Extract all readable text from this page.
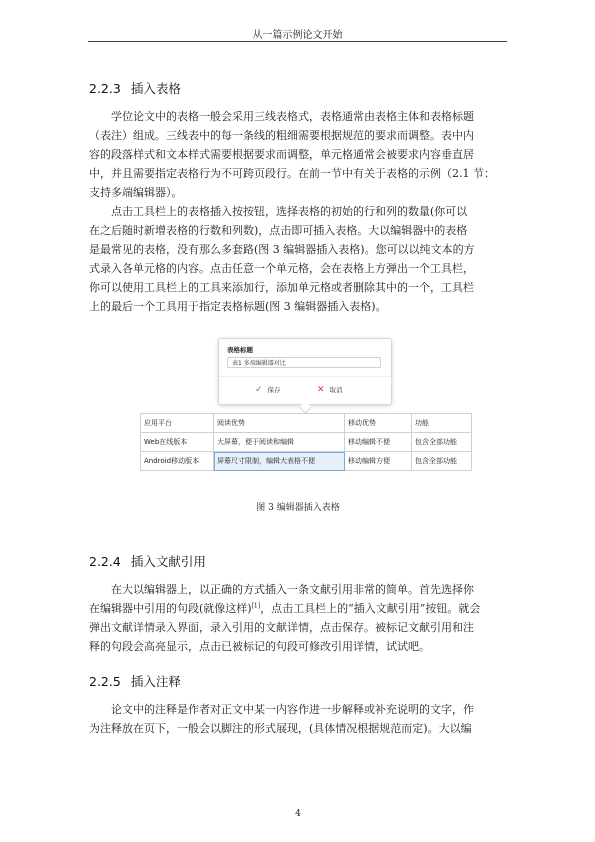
从一篇示例论文开始
2.2.3 插入表格
学位论文中的表格一般会采用三线表格式，表格通常由表格主体和表格标题
（表注）组成。三线表中的每一条线的粗细需要根据规范的要求而调整。表中内
容的段落样式和文本样式需要根据要求而调整，单元格通常会被要求内容垂直居
中，并且需要指定表格行为不可跨页段行。在前一节中有关于表格的示例（2.1 节：
支持多端编辑器）。
点击工具栏上的表格插入按按钮，选择表格的初始的行和列的数量(你可以
在之后随时新增表格的行数和列数)，点击即可插入表格。大以编辑器中的表格
是最常见的表格，没有那么多套路(图 3 编辑器插入表格)。您可以以纯文本的方
式录入各单元格的内容。点击任意一个单元格，会在表格上方弹出一个工具栏，
你可以使用工具栏上的工具来添加行，添加单元格或者删除其中的一个，工具栏
上的最后一个工具用于指定表格标题(图 3 编辑器插入表格)。
表格标题
表1 多端编辑器对比
✓ 保存	✕ 取消
应用平台	阅读优势	移动优势	功能
Web在线版本	大屏幕，便于阅读和编辑	移动编辑不便	包含全部功能
Android移动版本	屏幕尺寸限制，编辑大表格不便	移动编辑方便	包含全部功能
图 3 编辑器插入表格
2.2.4 插入文献引用
在大以编辑器上，以正确的方式插入一条文献引用非常的简单。首先选择你
在编辑器中引用的句段(就像这样)[1]，点击工具栏上的“插入文献引用”按钮。就会
弹出文献详情录入界面，录入引用的文献详情，点击保存。被标记文献引用和注
释的句段会高亮显示，点击已被标记的句段可修改引用详情，试试吧。
2.2.5 插入注释
论文中的注释是作者对正文中某一内容作进一步解释或补充说明的文字，作
为注释放在页下，一般会以脚注的形式展现，(具体情况根据规范而定)。大以编
4
